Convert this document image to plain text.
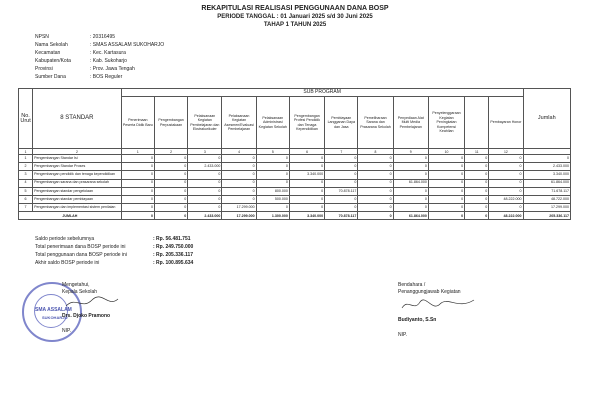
REKAPITULASI REALISASI PENGGUNAAN DANA BOSP
PERIODE TANGGAL : 01 Januari 2025 s/d 30 Juni 2025
TAHAP 1 TAHUN 2025
NPSN	: 20316495
Nama Sekolah	: SMAS ASSALAM SUKOHARJO
Kecamatan	: Kec. Kartasura
Kabupaten/Kota	: Kab. Sukoharjo
Provinsi	: Prov. Jawa Tengah
Sumber Dana	: BOS Reguler
No. Urut	8 STANDAR	SUB PROGRAM												Jumlah
		Penerimaan Peserta Didik Baru	Pengembangan Perpustakaan	Pelaksanaan Kegiatan Pembelajaran dan Ekstrakurikuler	Pelaksanaan Kegiatan Asesmen/Evaluasi Pembelajaran	Pelaksanaan Administrasi Kegiatan Sekolah	Pengembangan Profesi Pendidik dan Tenaga Kependidikan	Pembiayaan Langganan Daya dan Jasa	Pemeliharaan Sarana dan Prasarana Sekolah	Penyediaan Alat Multi Media Pembelajaran	Penyelenggaraan Kegiatan Peningkatan Kompetensi Keahlian		Pembayaran Honor	
1	2	1	2	3	4	5	6	7	8	9	10	11	12	
1	Pengembangan Standar Isi	0	0	0	0	0	0	0	0	0	0	0	0	0
2	Pengembangan Standar Proses	0	0	2.433.000	0	0	0	0	0	0	0	0	0	2.433.000
3	Pengembangan pendidik dan tenaga kependidikan	0	0	0	0	0	3.340.000	0	0	0	0	0	0	3.340.000
4	Pengembangan sarana dan prasarana sekolah	0	0	0	0	0	0	0	0	61.864.000	0	0	0	61.864.000
5	Pengembangan standar pengelolaan	0	0	0	0	800.000	0	70.878.117	0	0	0	0	0	71.678.117
6	Pengembangan standar pembiayaan	0	0	0	0	500.000	0	0	0	0	0	0	48.222.000	48.722.000
7	Pengembangan dan implementasi sistem penilaian	0	0	0	17.299.000	0	0	0	0	0	0	0	0	17.299.000
JUMLAH		0	0	2.433.000	17.299.000	1.300.000	3.340.000	70.878.117	0	61.864.000	0	0	48.222.000	205.336.117
Saldo periode sebelumnya	: Rp. 56.481.751
Total penerimaan dana BOSP periode ini	: Rp. 249.750.000
Total penggunaan dana BOSP periode ini	: Rp. 205.336.117
Akhir saldo BOSP periode ini	: Rp. 100.895.634
SMA ASSALAM
SUKOHARJO
Mengetahui,
Kepala Sekolah
Drs. Djoko Pramono
NIP.
Bendahara /
Penanggungjawab Kegiatan
Budiyanto, S.Sn
NIP.
